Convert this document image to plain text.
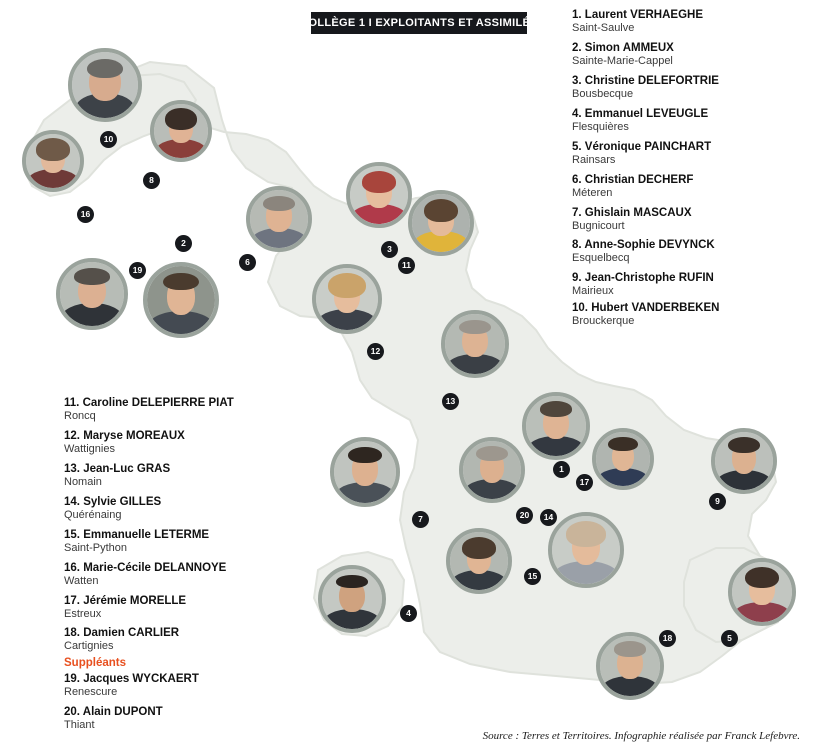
COLLÈGE 1 I EXPLOITANTS ET ASSIMILÉS
10
8
16
2
6
19
3
11
12
13
1
17
7	20 14
9
15
4
18	5
1. Laurent VERHAEGHE
Saint-Saulve
2. Simon AMMEUX
Sainte-Marie-Cappel
3. Christine DELEFORTRIE
Bousbecque
4. Emmanuel LEVEUGLE
Flesquières
5. Véronique PAINCHART
Rainsars
6. Christian DECHERF
Méteren
7. Ghislain MASCAUX
Bugnicourt
8. Anne-Sophie DEVYNCK
Esquelbecq
9. Jean-Christophe RUFIN
Mairieux
10. Hubert VANDERBEKEN
Brouckerque
11. Caroline DELEPIERRE PIAT
Roncq
12. Maryse MOREAUX
Wattignies
13. Jean-Luc GRAS
Nomain
14. Sylvie GILLES
Quérénaing
15. Emmanuelle LETERME
Saint-Python
16. Marie-Cécile DELANNOYE
Watten
17. Jérémie MORELLE
Estreux
18. Damien CARLIER
Cartignies
Suppléants
19. Jacques WYCKAERT
Renescure
20. Alain DUPONT
Thiant
Source : Terres et Territoires. Infographie réalisée par Franck Lefebvre.
